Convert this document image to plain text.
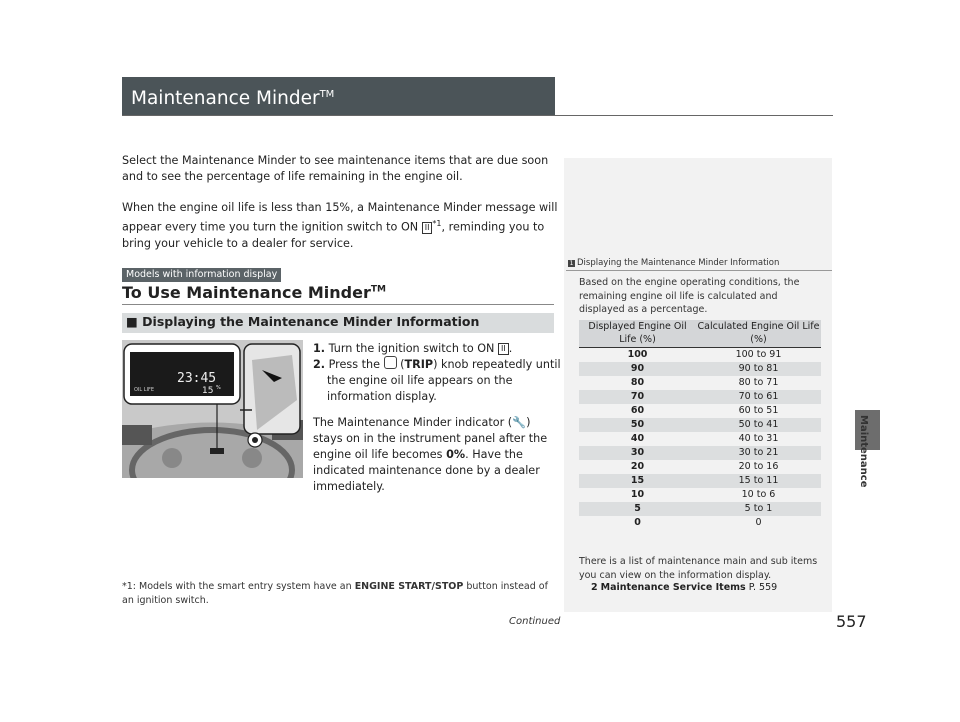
Maintenance Minder™
Maintenance
Select the Maintenance Minder to see maintenance items that are due soon and to see the percentage of life remaining in the engine oil.
When the engine oil life is less than 15%, a Maintenance Minder message will appear every time you turn the ignition switch to ON II $^{*1}$, reminding you to bring your vehicle to a dealer for service.
Models with information display
To Use Maintenance Minder™
■ Displaying the Maintenance Minder Information
23:45
OIL LIFE	15 %
1. Turn the ignition switch to ON II .
2. Press the  (TRIP) knob repeatedly until the engine oil life appears on the information display.
The Maintenance Minder indicator (🔧) stays on in the instrument panel after the engine oil life becomes 0%. Have the indicated maintenance done by a dealer immediately.
*1: Models with the smart entry system have an ENGINE START/STOP button instead of an ignition switch.
Continued	557
1 Displaying the Maintenance Minder Information
Based on the engine operating conditions, the remaining engine oil life is calculated and displayed as a percentage.
Displayed Engine Oil Life (%)	Calculated Engine Oil Life (%)
100	100 to 91
90	90 to 81
80	80 to 71
70	70 to 61
60	60 to 51
50	50 to 41
40	40 to 31
30	30 to 21
20	20 to 16
15	15 to 11
10	10 to 6
5	5 to 1
0	0
There is a list of maintenance main and sub items you can view on the information display.
2 Maintenance Service Items P. 559
